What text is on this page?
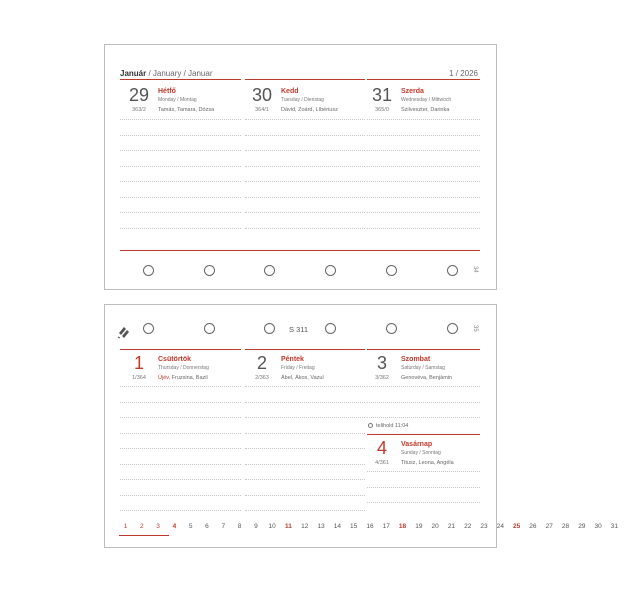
Január / January / Januar	1 / 2026
29	Hétfő
Monday / Montag
363/2	Tamás, Tamara, Dózsa
30	Kedd
Tuesday / Dienstag
364/1	Dávid, Zoárd, Líbériusz
31	Szerda
Wednesday / Mittwoch
365/0	Szilveszter, Darinka
34
S 311	35
1	Csütörtök
Thursday / Donnerstag
1/364	Újév, Fruzsina, Bazil
2	Péntek
Friday / Freitag
2/363	Ábel, Ákos, Vazul
3	Szombat
Saturday / Samstag
3/362	Genovéva, Benjámin
telihold 11:04
4	Vasárnap
Sunday / Sonntag
4/361	Titusz, Leona, Angéla
1 2 3 4 5 6 7 8 9 10 11 12 13 14 15 16 17 18 19 20 21 22 23 24 25 26 27 28 29 30 31
